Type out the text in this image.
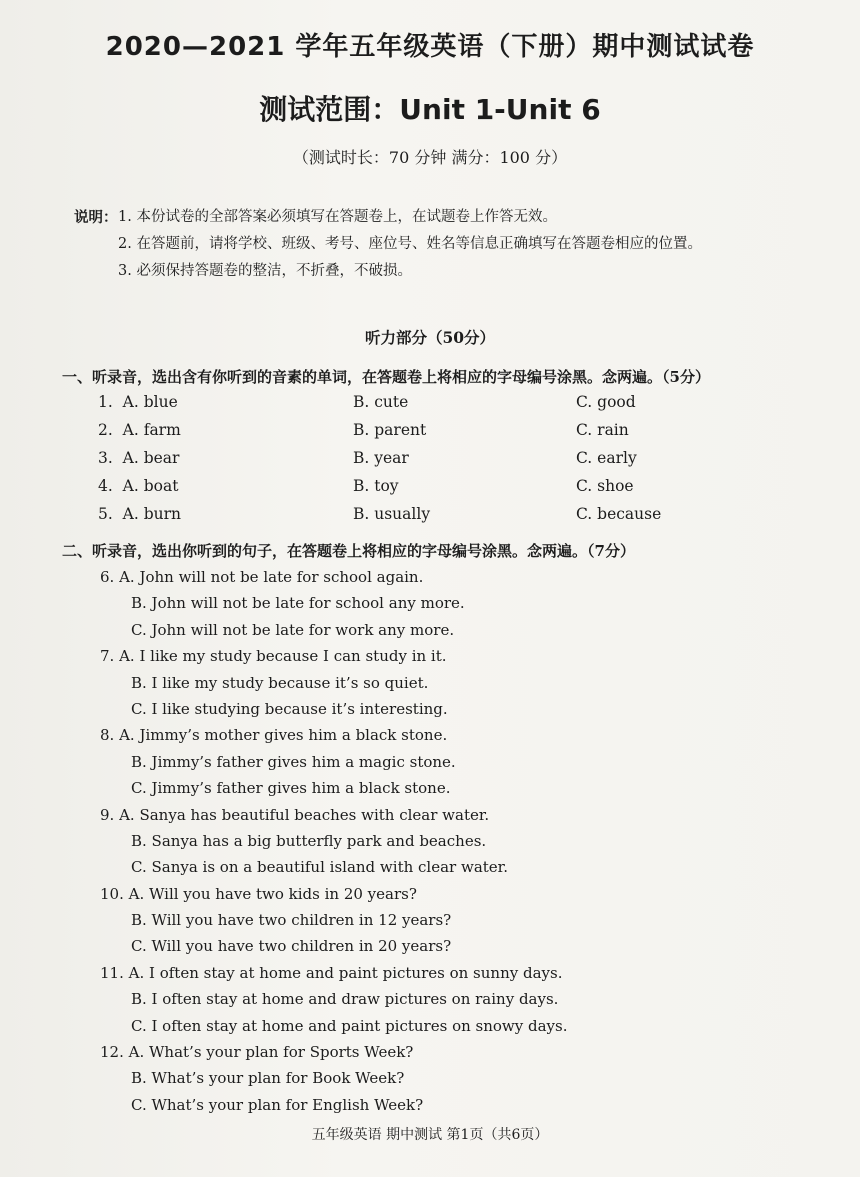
2020—2021 学年五年级英语（下册）期中测试试卷
测试范围：Unit 1-Unit 6
（测试时长：70 分钟 满分：100 分）
说明： 1. 本份试卷的全部答案必须填写在答题卷上，在试题卷上作答无效。
2. 在答题前，请将学校、班级、考号、座位号、姓名等信息正确填写在答题卷相应的位置。
3. 必须保持答题卷的整洁，不折叠，不破损。
听力部分（50分）
一、听录音，选出含有你听到的音素的单词，在答题卷上将相应的字母编号涂黑。念两遍。（5分）
1. A. blue	B. cute	C. good
2. A. farm	B. parent	C. rain
3. A. bear	B. year	C. early
4. A. boat	B. toy	C. shoe
5. A. burn	B. usually	C. because
二、听录音，选出你听到的句子，在答题卷上将相应的字母编号涂黑。念两遍。（7分）
6. A. John will not be late for school again.
B. John will not be late for school any more.
C. John will not be late for work any more.
7. A. I like my study because I can study in it.
B. I like my study because it’s so quiet.
C. I like studying because it’s interesting.
8. A. Jimmy’s mother gives him a black stone.
B. Jimmy’s father gives him a magic stone.
C. Jimmy’s father gives him a black stone.
9. A. Sanya has beautiful beaches with clear water.
B. Sanya has a big butterfly park and beaches.
C. Sanya is on a beautiful island with clear water.
10. A. Will you have two kids in 20 years?
B. Will you have two children in 12 years?
C. Will you have two children in 20 years?
11. A. I often stay at home and paint pictures on sunny days.
B. I often stay at home and draw pictures on rainy days.
C. I often stay at home and paint pictures on snowy days.
12. A. What’s your plan for Sports Week?
B. What’s your plan for Book Week?
C. What’s your plan for English Week?
五年级英语 期中测试 第1页（共6页）
